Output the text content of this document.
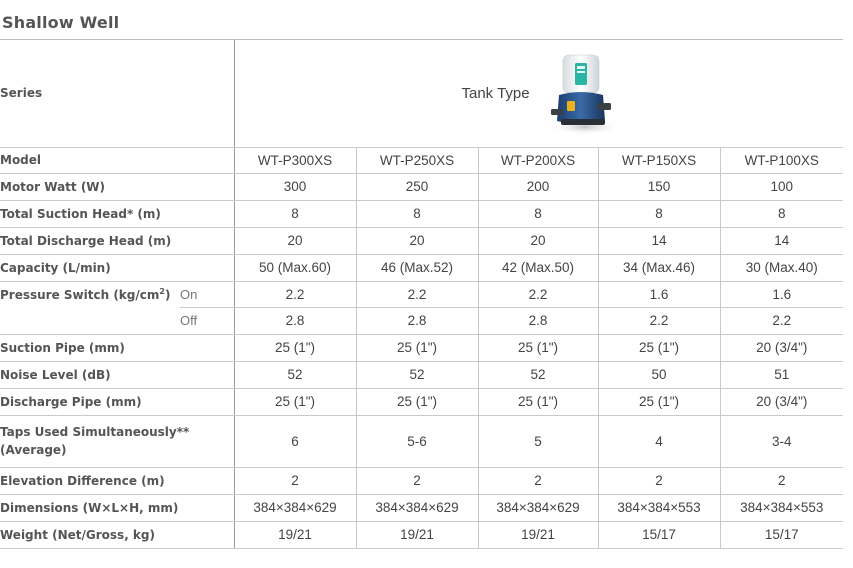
Shallow Well
Series		Tank Type				

Model		WT-P300XS	WT-P250XS	WT-P200XS	WT-P150XS	WT-P100XS
Motor Watt (W)		300	250	200	150	100
Total Suction Head* (m)		8	8	8	8	8
Total Discharge Head (m)		20	20	20	14	14
Capacity (L/min)		50 (Max.60)	46 (Max.52)	42 (Max.50)	34 (Max.46)	30 (Max.40)
Pressure Switch $(kg/cm^2)$	On	2.2	2.2	2.2	1.6	1.6
	Off	2.8	2.8	2.8	2.2	2.2
Suction Pipe (mm)		25 (1")	25 (1")	25 (1")	25 (1")	20 (3/4")
Noise Level (dB)		52	52	52	50	51
Discharge Pipe (mm)		25 (1")	25 (1")	25 (1")	25 (1")	20 (3/4")

Taps Used Simultaneously**
(Average)		6	5-6	5	4	3-4
Elevation Difference (m)		2	2	2	2	2
Dimensions (W×L×H, mm)		384×384×629	384×384×629	384×384×629	384×384×553	384×384×553
Weight (Net/Gross, kg)		19/21	19/21	19/21	15/17	15/17
